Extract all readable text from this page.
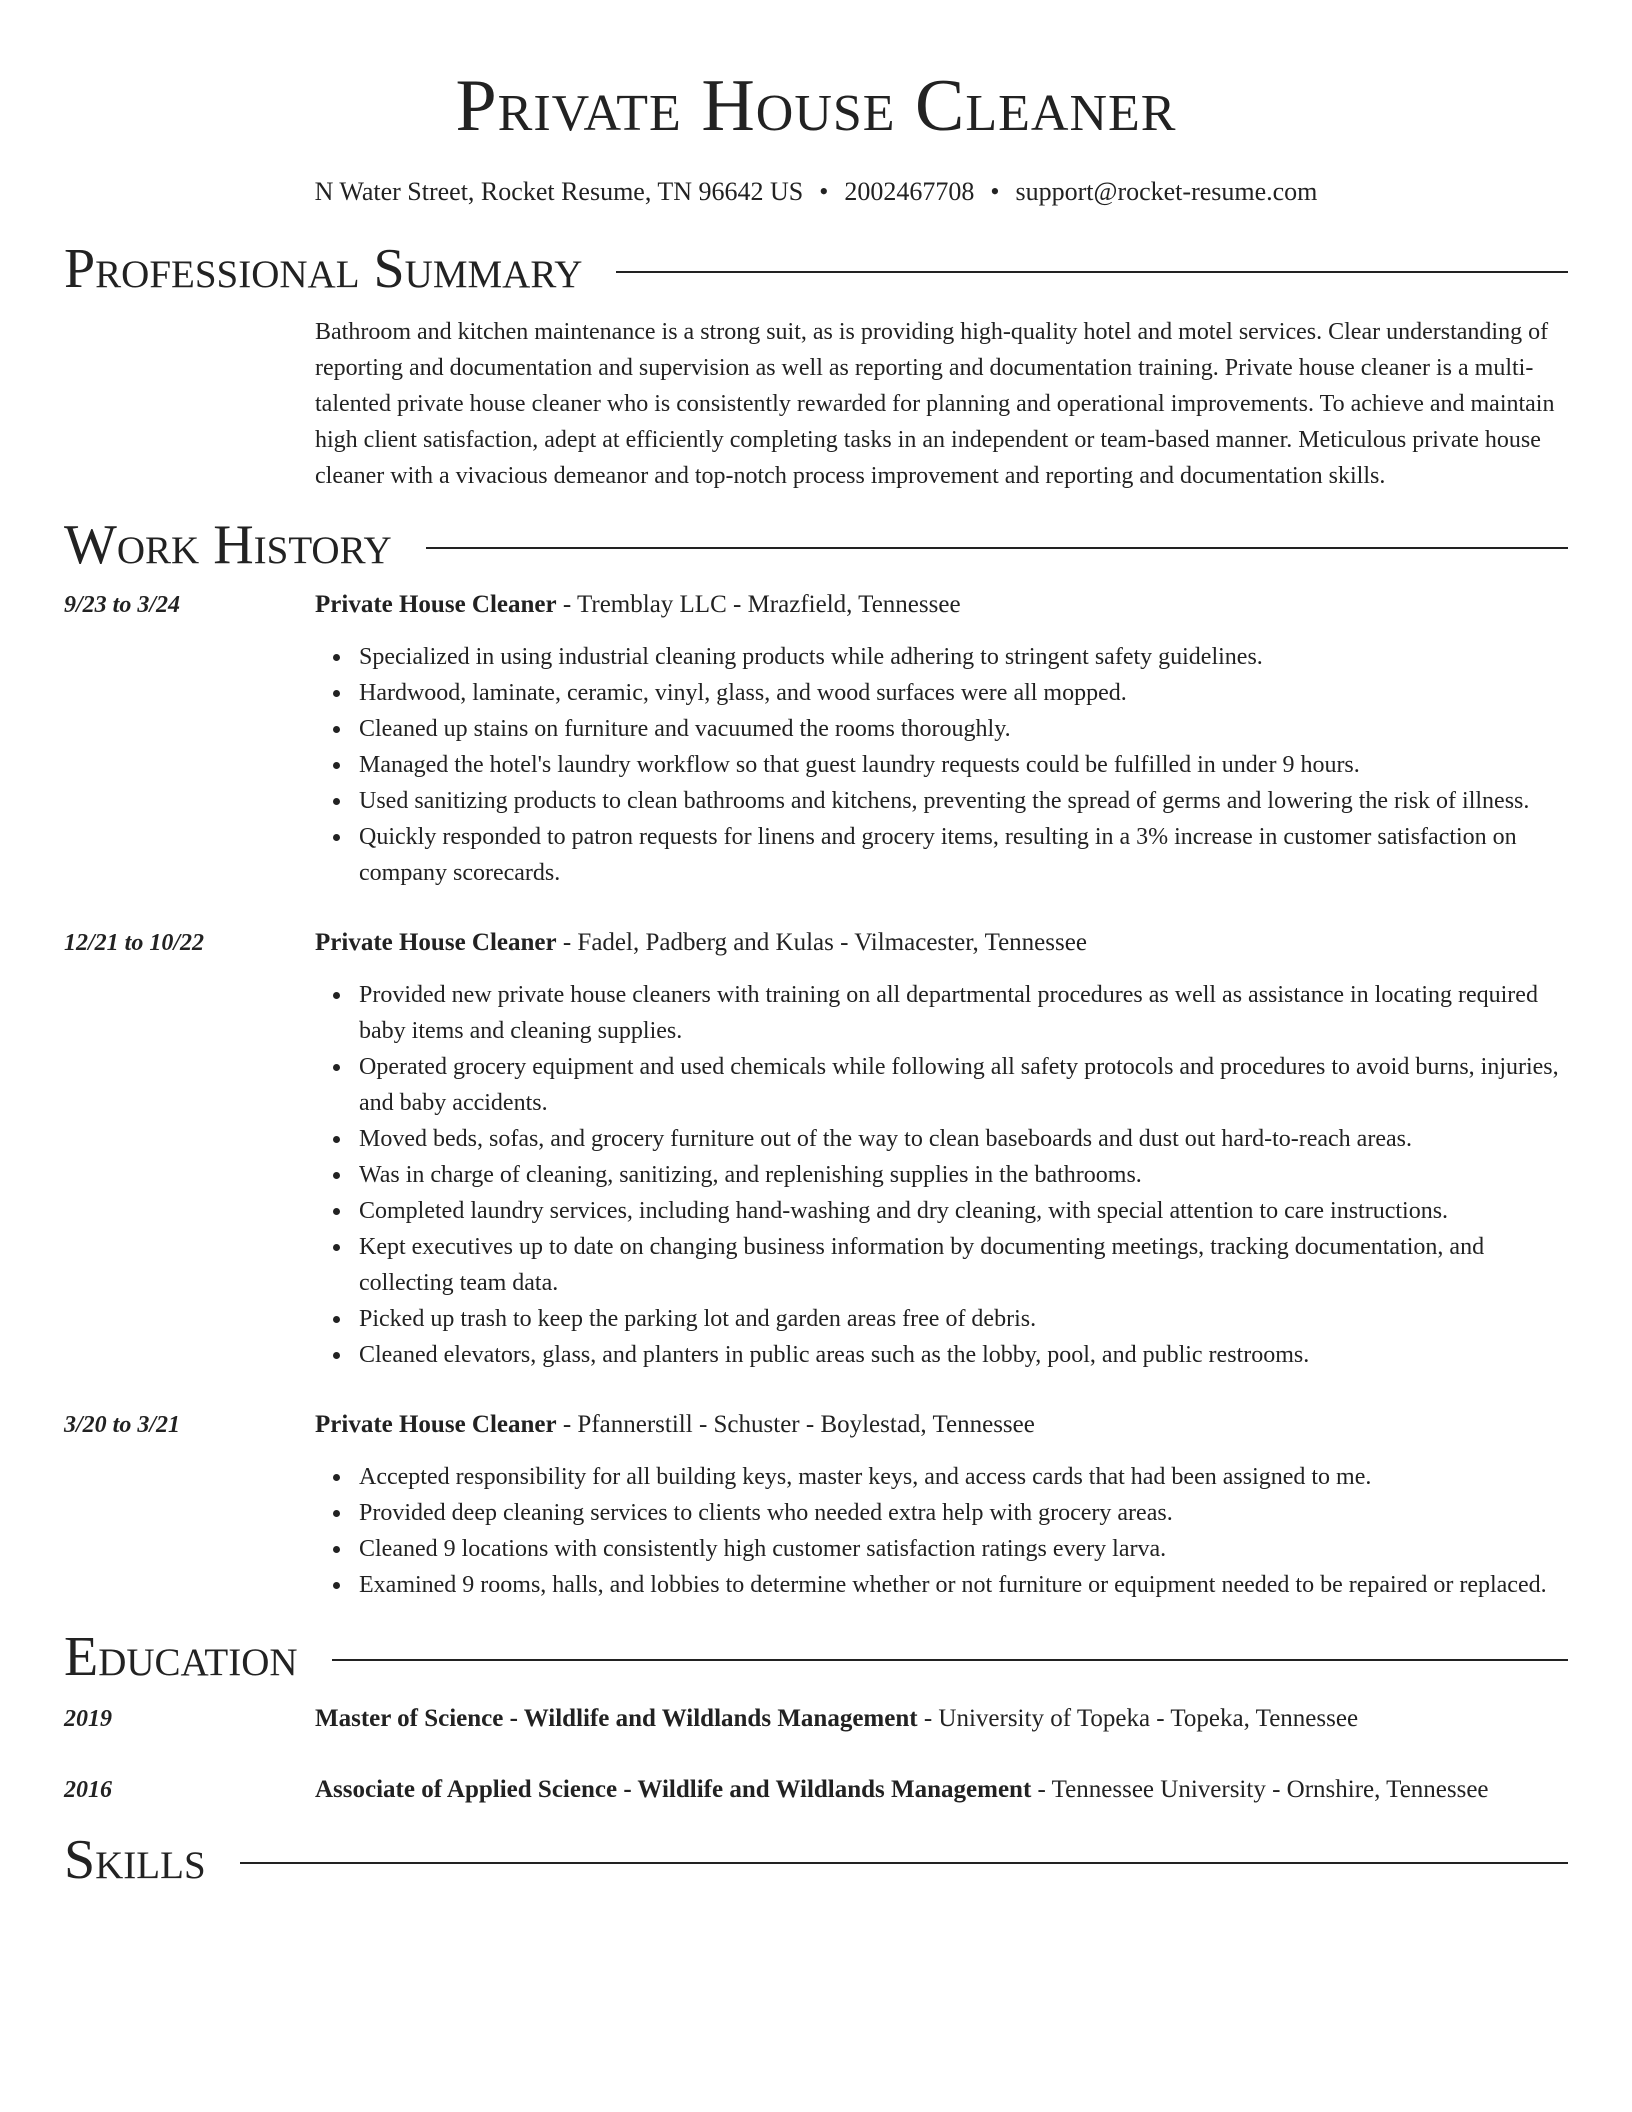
Private House Cleaner
N Water Street, Rocket Resume, TN 96642 US • 2002467708 • support@rocket-resume.com
Professional Summary
Bathroom and kitchen maintenance is a strong suit, as is providing high-quality hotel and motel services. Clear understanding of reporting and documentation and supervision as well as reporting and documentation training. Private house cleaner is a multi-talented private house cleaner who is consistently rewarded for planning and operational improvements. To achieve and maintain high client satisfaction, adept at efficiently completing tasks in an independent or team-based manner. Meticulous private house cleaner with a vivacious demeanor and top-notch process improvement and reporting and documentation skills.
Work History
9/23 to 3/24	Private House Cleaner - Tremblay LLC - Mrazfield, Tennessee
Specialized in using industrial cleaning products while adhering to stringent safety guidelines.
Hardwood, laminate, ceramic, vinyl, glass, and wood surfaces were all mopped.
Cleaned up stains on furniture and vacuumed the rooms thoroughly.
Managed the hotel's laundry workflow so that guest laundry requests could be fulfilled in under 9 hours.
Used sanitizing products to clean bathrooms and kitchens, preventing the spread of germs and lowering the risk of illness.
Quickly responded to patron requests for linens and grocery items, resulting in a 3% increase in customer satisfaction on company scorecards.
12/21 to 10/22	Private House Cleaner - Fadel, Padberg and Kulas - Vilmacester, Tennessee
Provided new private house cleaners with training on all departmental procedures as well as assistance in locating required baby items and cleaning supplies.
Operated grocery equipment and used chemicals while following all safety protocols and procedures to avoid burns, injuries, and baby accidents.
Moved beds, sofas, and grocery furniture out of the way to clean baseboards and dust out hard-to-reach areas.
Was in charge of cleaning, sanitizing, and replenishing supplies in the bathrooms.
Completed laundry services, including hand-washing and dry cleaning, with special attention to care instructions.
Kept executives up to date on changing business information by documenting meetings, tracking documentation, and collecting team data.
Picked up trash to keep the parking lot and garden areas free of debris.
Cleaned elevators, glass, and planters in public areas such as the lobby, pool, and public restrooms.
3/20 to 3/21	Private House Cleaner - Pfannerstill - Schuster - Boylestad, Tennessee
Accepted responsibility for all building keys, master keys, and access cards that had been assigned to me.
Provided deep cleaning services to clients who needed extra help with grocery areas.
Cleaned 9 locations with consistently high customer satisfaction ratings every larva.
Examined 9 rooms, halls, and lobbies to determine whether or not furniture or equipment needed to be repaired or replaced.
Education
2019	Master of Science - Wildlife and Wildlands Management - University of Topeka - Topeka, Tennessee
2016	Associate of Applied Science - Wildlife and Wildlands Management - Tennessee University - Ornshire, Tennessee
Skills
